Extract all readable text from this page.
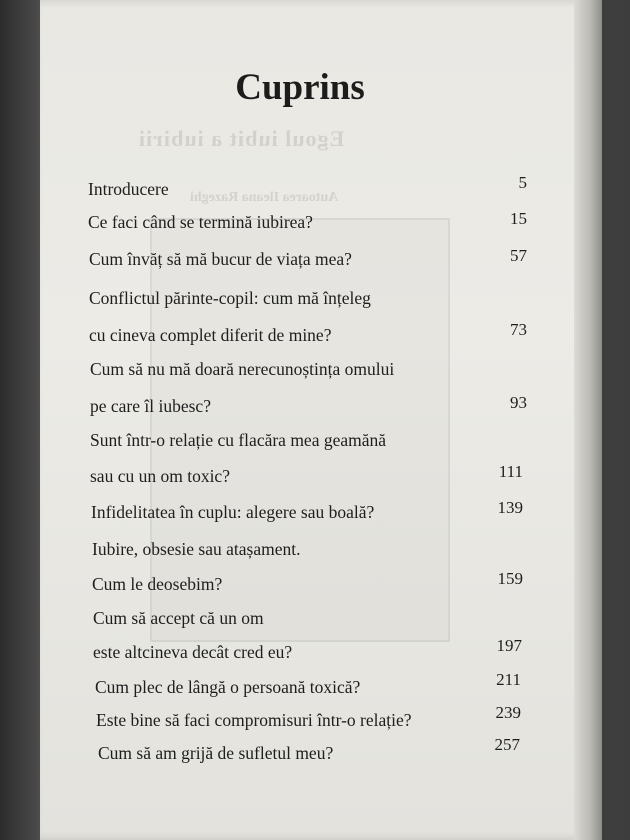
Egoul iubit a iubirii
Autoarea Ileana Razeghi
Cuprins
Introducere	5
Ce faci când se termină iubirea?	15
Cum învăț să mă bucur de viața mea?	57
Conflictul părinte-copil: cum mă înțeleg
cu cineva complet diferit de mine?	73
Cum să nu mă doară nerecunoștința omului
pe care îl iubesc?	93
Sunt într-o relație cu flacăra mea geamănă
sau cu un om toxic?	111
Infidelitatea în cuplu: alegere sau boală?	139
Iubire, obsesie sau atașament.
Cum le deosebim?	159
Cum să accept că un om
este altcineva decât cred eu?	197
Cum plec de lângă o persoană toxică?	211
Este bine să faci compromisuri într-o relație?	239
Cum să am grijă de sufletul meu?	257
